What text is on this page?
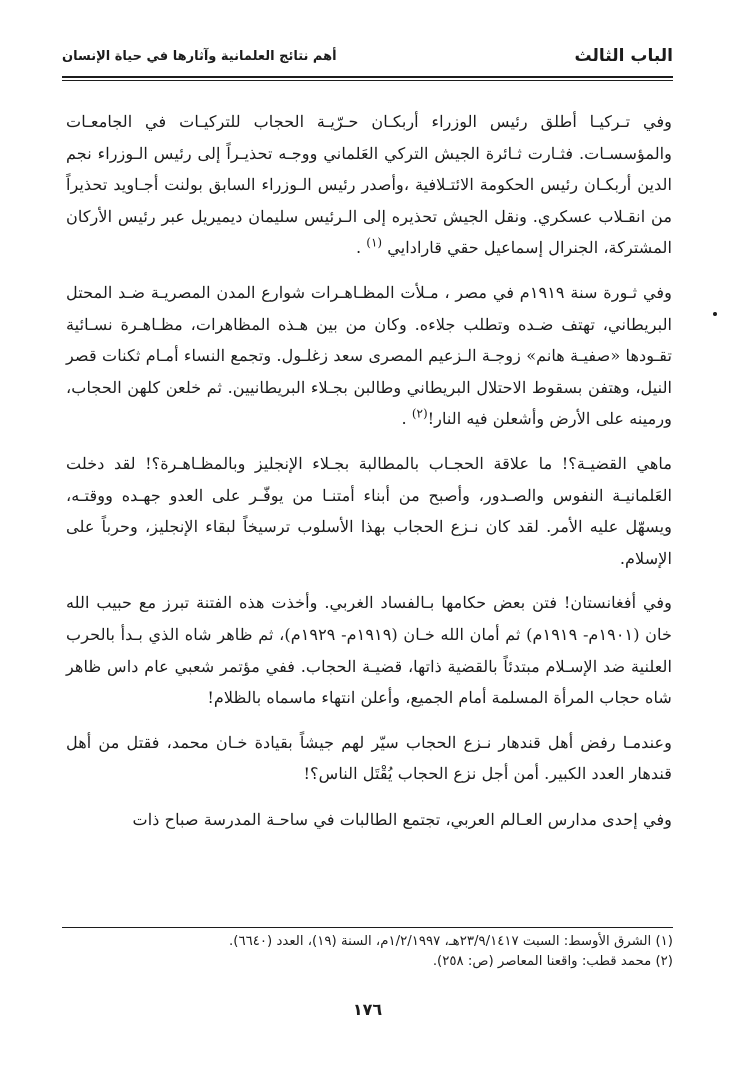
الباب الثالث
أهم نتائج العلمانية وآثارها في حياة الإنسان

وفي تـركيـا أطلق رئيس الوزراء أربكـان حـرّيـة الحجاب للتركيـات في الجامعـات والمؤسسـات. فثـارت ثـائرة الجيش التركي العَلماني ووجـه تحذيـراً إلى رئيس الـوزراء نجم الدين أربكـان رئيس الحكومة الائتـلافية ،وأصدر رئيس الـوزراء السابق بولنت أجـاويد تحذيراً من انقـلاب عسكري. ونقل الجيش تحذيره إلى الـرئيس سليمان ديميريل عبر رئيس الأركان المشتركة، الجنرال إسماعيل حقي قارادايي $^{(١)}$ .

وفي ثـورة سنة ١٩١٩م في مصر ، مـلأت المظـاهـرات شوارع المدن المصريـة ضـد المحتل البريطاني، تهتف ضـده وتطلب جلاءه. وكان من بين هـذه المظاهرات، مظـاهـرة نسـائية تقـودها «صفيـة هانم» زوجـة الـزعيم المصرى سعد زغلـول. وتجمع النساء أمـام ثكنات قصر النيل، وهتفن بسقوط الاحتلال البريطاني وطالبن بجـلاء البريطانيين. ثم خلعن كلهن الحجاب، ورمينه على الأرض وأشعلن فيه النار!$^{(٢)}$ .

ماهي القضيـة؟! ما علاقة الحجـاب بالمطالبة بجـلاء الإنجليز وبالمظـاهـرة؟! لقد دخلت العَلمانيـة النفوس والصـدور، وأصبح من أبناء أمتنـا من يوفّـر على العدو جهـده ووقتـه، ويسهّل عليه الأمر. لقد كان نـزع الحجاب بهذا الأسلوب ترسيخاً لبقاء الإنجليز، وحرباً على الإسلام.

وفي أفغانستان! فتن بعض حكامها بـالفساد الغربي. وأخذت هذه الفتنة تبرز مع حبيب الله خان (١٩٠١م- ١٩١٩م) ثم أمان الله خـان (١٩١٩م- ١٩٢٩م)، ثم ظاهر شاه الذي بـدأ بالحرب العلنية ضد الإسـلام مبتدئاً بالقضية ذاتها، قضيـة الحجاب. ففي مؤتمر شعبي عام داس ظاهر شاه حجاب المرأة المسلمة أمام الجميع، وأعلن انتهاء ماسماه بالظلام!

وعندمـا رفض أهل قندهار نـزع الحجاب سيّر لهم جيشاً بقيادة خـان محمد، فقتل من أهل قندهار العدد الكبير. أمن أجل نزع الحجاب يُقْتَل الناس؟!

وفي إحدى مدارس العـالم العربي، تجتمع الطالبات في ساحـة المدرسة صباح ذات

(١) الشرق الأوسط: السبت ٢٣/٩/١٤١٧هـ، ١/٢/١٩٩٧م، السنة (١٩)، العدد (٦٦٤٠).
(٢) محمد قطب: واقعنا المعاصر (ص: ٢٥٨).
١٧٦
